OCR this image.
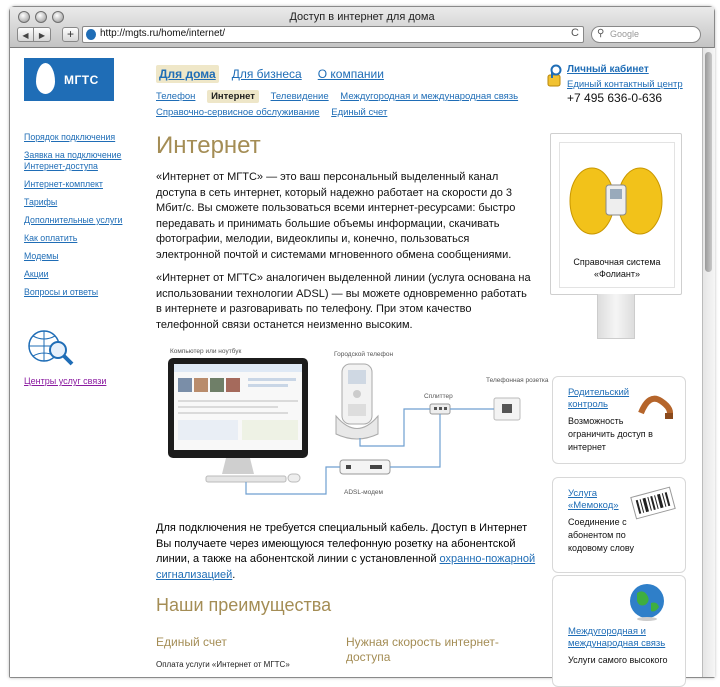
Доступ в интернет для дома
◀	▶	+	http://mgts.ru/home/internet/	C ⚲ Google
МГТС	Для дома Для бизнеса О компании
Телефон Интернет Телевидение Междугородная и международная связь
Справочно-сервисное обслуживание Единый счет
Личный кабинет
Единый контактный центр
+7 495 636-0-636
Порядок подключения
Заявка на подключение Интернет-доступа
Интернет-комплект
Тарифы
Дополнительные услуги
Как оплатить
Модемы
Акции
Вопросы и ответы
Центры услуг связи
Интернет

«Интернет от МГТС» — это ваш персональный выделенный канал доступа в сеть интернет, который надежно работает на скорости до 3 Мбит/с. Вы сможете пользоваться всеми интернет-ресурсами: быстро передавать и принимать большие объемы информации, скачивать фотографии, мелодии, видеоклипы и, конечно, пользоваться электронной почтой и системами мгновенного обмена сообщениями.

«Интернет от МГТС» аналогичен выделенной линии (услуга основана на использовании технологии ADSL) — вы можете одновременно работать в интернете и разговаривать по телефону. При этом качество телефонной связи останется неизменно высоким.

Компьютер или ноутбук	Городской телефон
Сплиттер
Телефонная розетка
ADSL-модем

Для подключения не требуется специальный кабель. Доступ в Интернет Вы получаете через имеющуюся телефонную розетку на абонентской линии, а также на абонентской линии с установленной охранно-пожарной сигнализацией.

Наши преимущества
Единый счет	Нужная скорость интернет-доступа
Оплата услуги «Интернет от МГТС»
Справочная система «Фолиант»
Родительский контроль
Возможность ограничить доступ в интернет
Услуга «Мемокод»
Соединение с абонентом по кодовому слову
Междугородная и международная связь
Услуги самого высокого
